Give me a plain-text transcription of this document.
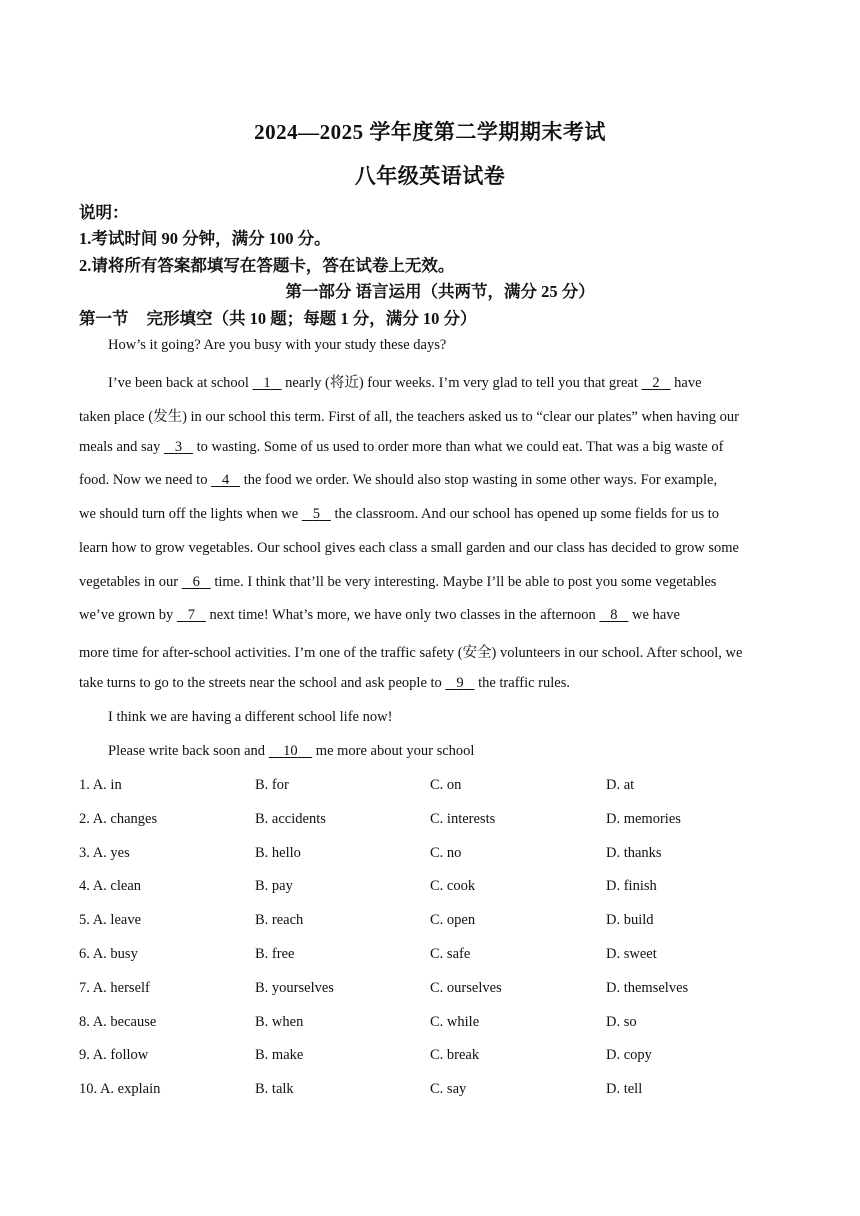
2024—2025 学年度第二学期期末考试
八年级英语试卷
说明：
1.考试时间 90 分钟，满分 100 分。
2.请将所有答案都填写在答题卡，答在试卷上无效。
第一部分 语言运用（共两节，满分 25 分）
第一节 完形填空（共 10 题；每题 1 分，满分 10 分）
How’s it going? Are you busy with your study these days?
I’ve been back at school    1    nearly (将近) four weeks. I’m very glad to tell you that great    2    have
taken place (发生) in our school this term. First of all, the teachers asked us to “clear our plates” when having our
meals and say    3    to wasting. Some of us used to order more than what we could eat. That was a big waste of
food. Now we need to    4    the food we order. We should also stop wasting in some other ways. For example,
we should turn off the lights when we    5    the classroom. And our school has opened up some fields for us to
learn how to grow vegetables. Our school gives each class a small garden and our class has decided to grow some
vegetables in our    6    time. I think that’ll be very interesting. Maybe I’ll be able to post you some vegetables
we’ve grown by    7    next time! What’s more, we have only two classes in the afternoon    8    we have
more time for after-school activities. I’m one of the traffic safety (安全) volunteers in our school. After school, we
take turns to go to the streets near the school and ask people to    9    the traffic rules.
I think we are having a different school life now!
Please write back soon and     10     me more about your school
1. A. in	B. for	C. on	D. at
2. A. changes	B. accidents	C. interests	D. memories
3. A. yes	B. hello	C. no	D. thanks
4. A. clean	B. pay	C. cook	D. finish
5. A. leave	B. reach	C. open	D. build
6. A. busy	B. free	C. safe	D. sweet
7. A. herself	B. yourselves	C. ourselves	D. themselves
8. A. because	B. when	C. while	D. so
9. A. follow	B. make	C. break	D. copy
10. A. explain	B. talk	C. say	D. tell
